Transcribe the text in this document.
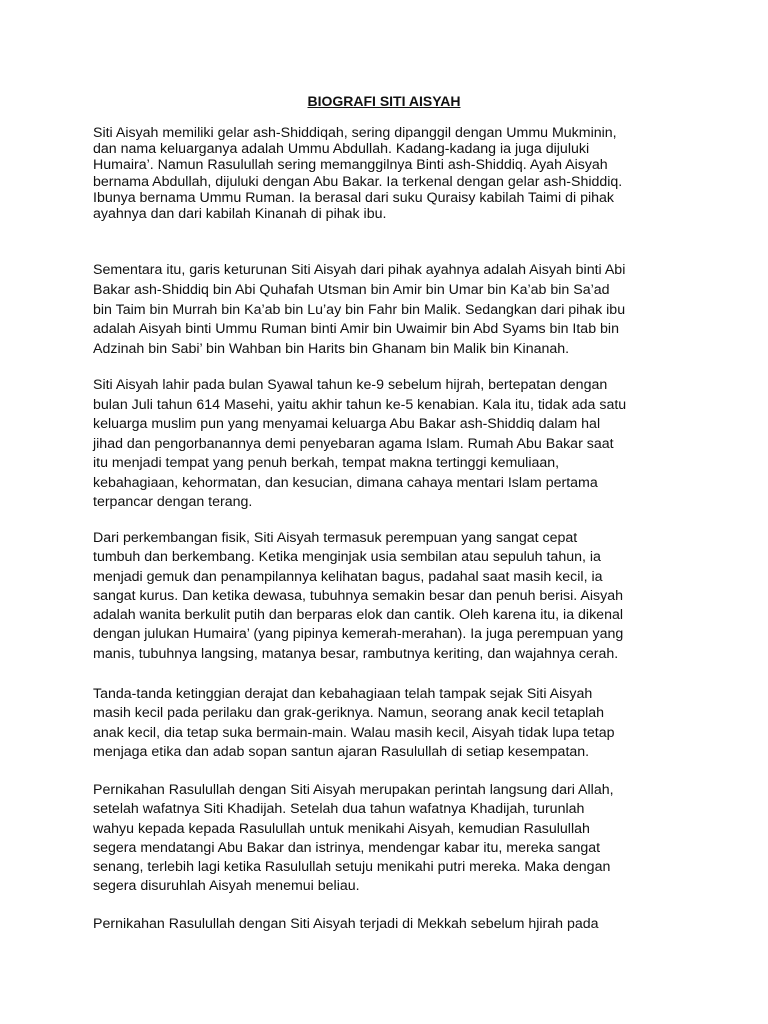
BIOGRAFI SITI AISYAH

Siti Aisyah memiliki gelar ash-Shiddiqah, sering dipanggil dengan Ummu Mukminin,
dan nama keluarganya adalah Ummu Abdullah. Kadang-kadang ia juga dijuluki
Humaira’. Namun Rasulullah sering memanggilnya Binti ash-Shiddiq. Ayah Aisyah
bernama Abdullah, dijuluki dengan Abu Bakar. Ia terkenal dengan gelar ash-Shiddiq.
Ibunya bernama Ummu Ruman. Ia berasal dari suku Quraisy kabilah Taimi di pihak
ayahnya dan dari kabilah Kinanah di pihak ibu.

Sementara itu, garis keturunan Siti Aisyah dari pihak ayahnya adalah Aisyah binti Abi
Bakar ash-Shiddiq bin Abi Quhafah Utsman bin Amir bin Umar bin Ka’ab bin Sa’ad
bin Taim bin Murrah bin Ka’ab bin Lu’ay bin Fahr bin Malik. Sedangkan dari pihak ibu
adalah Aisyah binti Ummu Ruman binti Amir bin Uwaimir bin Abd Syams bin Itab bin
Adzinah bin Sabi’ bin Wahban bin Harits bin Ghanam bin Malik bin Kinanah.

Siti Aisyah lahir pada bulan Syawal tahun ke-9 sebelum hijrah, bertepatan dengan
bulan Juli tahun 614 Masehi, yaitu akhir tahun ke-5 kenabian. Kala itu, tidak ada satu
keluarga muslim pun yang menyamai keluarga Abu Bakar ash-Shiddiq dalam hal
jihad dan pengorbanannya demi penyebaran agama Islam. Rumah Abu Bakar saat
itu menjadi tempat yang penuh berkah, tempat makna tertinggi kemuliaan,
kebahagiaan, kehormatan, dan kesucian, dimana cahaya mentari Islam pertama
terpancar dengan terang.

Dari perkembangan fisik, Siti Aisyah termasuk perempuan yang sangat cepat
tumbuh dan berkembang. Ketika menginjak usia sembilan atau sepuluh tahun, ia
menjadi gemuk dan penampilannya kelihatan bagus, padahal saat masih kecil, ia
sangat kurus. Dan ketika dewasa, tubuhnya semakin besar dan penuh berisi. Aisyah
adalah wanita berkulit putih dan berparas elok dan cantik. Oleh karena itu, ia dikenal
dengan julukan Humaira’ (yang pipinya kemerah-merahan). Ia juga perempuan yang
manis, tubuhnya langsing, matanya besar, rambutnya keriting, dan wajahnya cerah.

Tanda-tanda ketinggian derajat dan kebahagiaan telah tampak sejak Siti Aisyah
masih kecil pada perilaku dan grak-geriknya. Namun, seorang anak kecil tetaplah
anak kecil, dia tetap suka bermain-main. Walau masih kecil, Aisyah tidak lupa tetap
menjaga etika dan adab sopan santun ajaran Rasulullah di setiap kesempatan.

Pernikahan Rasulullah dengan Siti Aisyah merupakan perintah langsung dari Allah,
setelah wafatnya Siti Khadijah. Setelah dua tahun wafatnya Khadijah, turunlah
wahyu kepada kepada Rasulullah untuk menikahi Aisyah, kemudian Rasulullah
segera mendatangi Abu Bakar dan istrinya, mendengar kabar itu, mereka sangat
senang, terlebih lagi ketika Rasulullah setuju menikahi putri mereka. Maka dengan
segera disuruhlah Aisyah menemui beliau.

Pernikahan Rasulullah dengan Siti Aisyah terjadi di Mekkah sebelum hjirah pada
